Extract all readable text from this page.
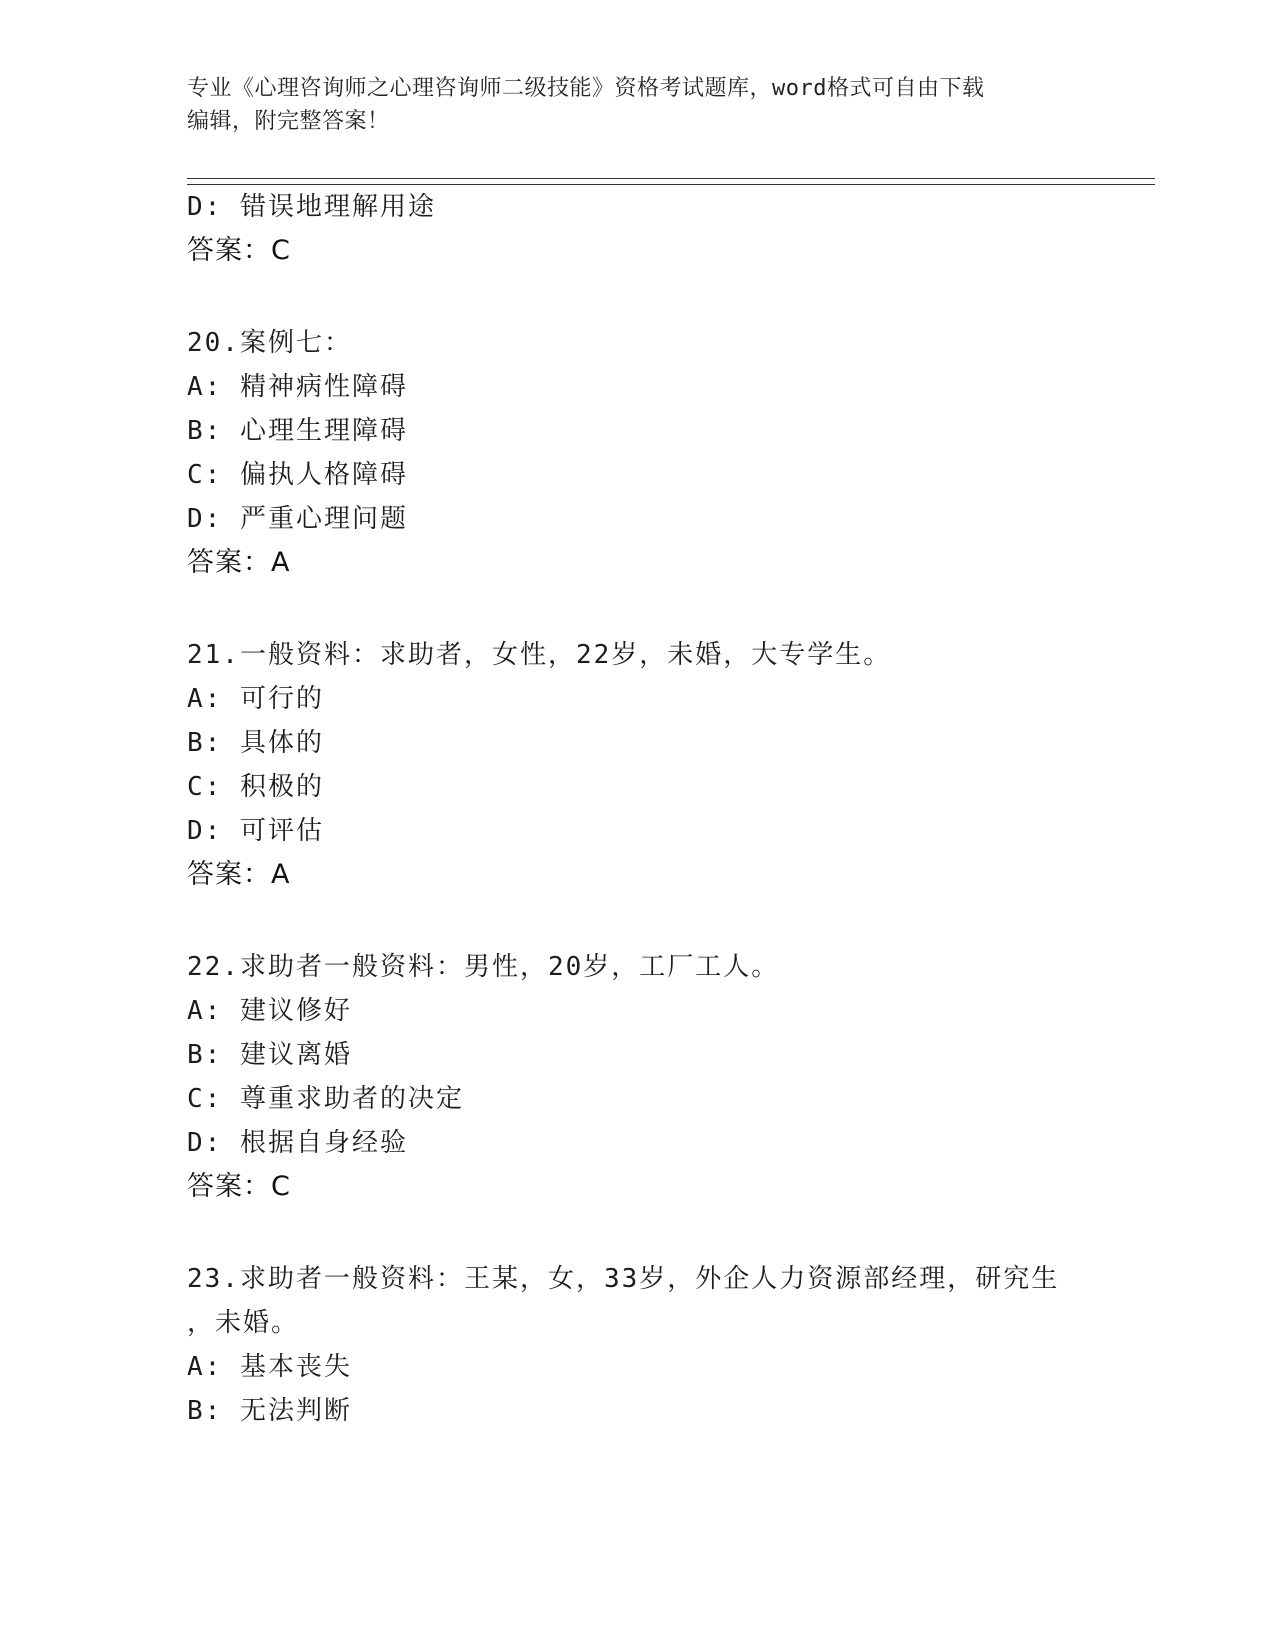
专业《心理咨询师之心理咨询师二级技能》资格考试题库，word格式可自由下载
编辑，附完整答案！
D: 错误地理解用途
答案：C
20.案例七：
A: 精神病性障碍
B: 心理生理障碍
C: 偏执人格障碍
D: 严重心理问题
答案：A
21.一般资料：求助者，女性，22岁，未婚，大专学生。
A: 可行的
B: 具体的
C: 积极的
D: 可评估
答案：A
22.求助者一般资料：男性，20岁，工厂工人。
A: 建议修好
B: 建议离婚
C: 尊重求助者的决定
D: 根据自身经验
答案：C
23.求助者一般资料：王某，女，33岁，外企人力资源部经理，研究生
，未婚。
A: 基本丧失
B: 无法判断
